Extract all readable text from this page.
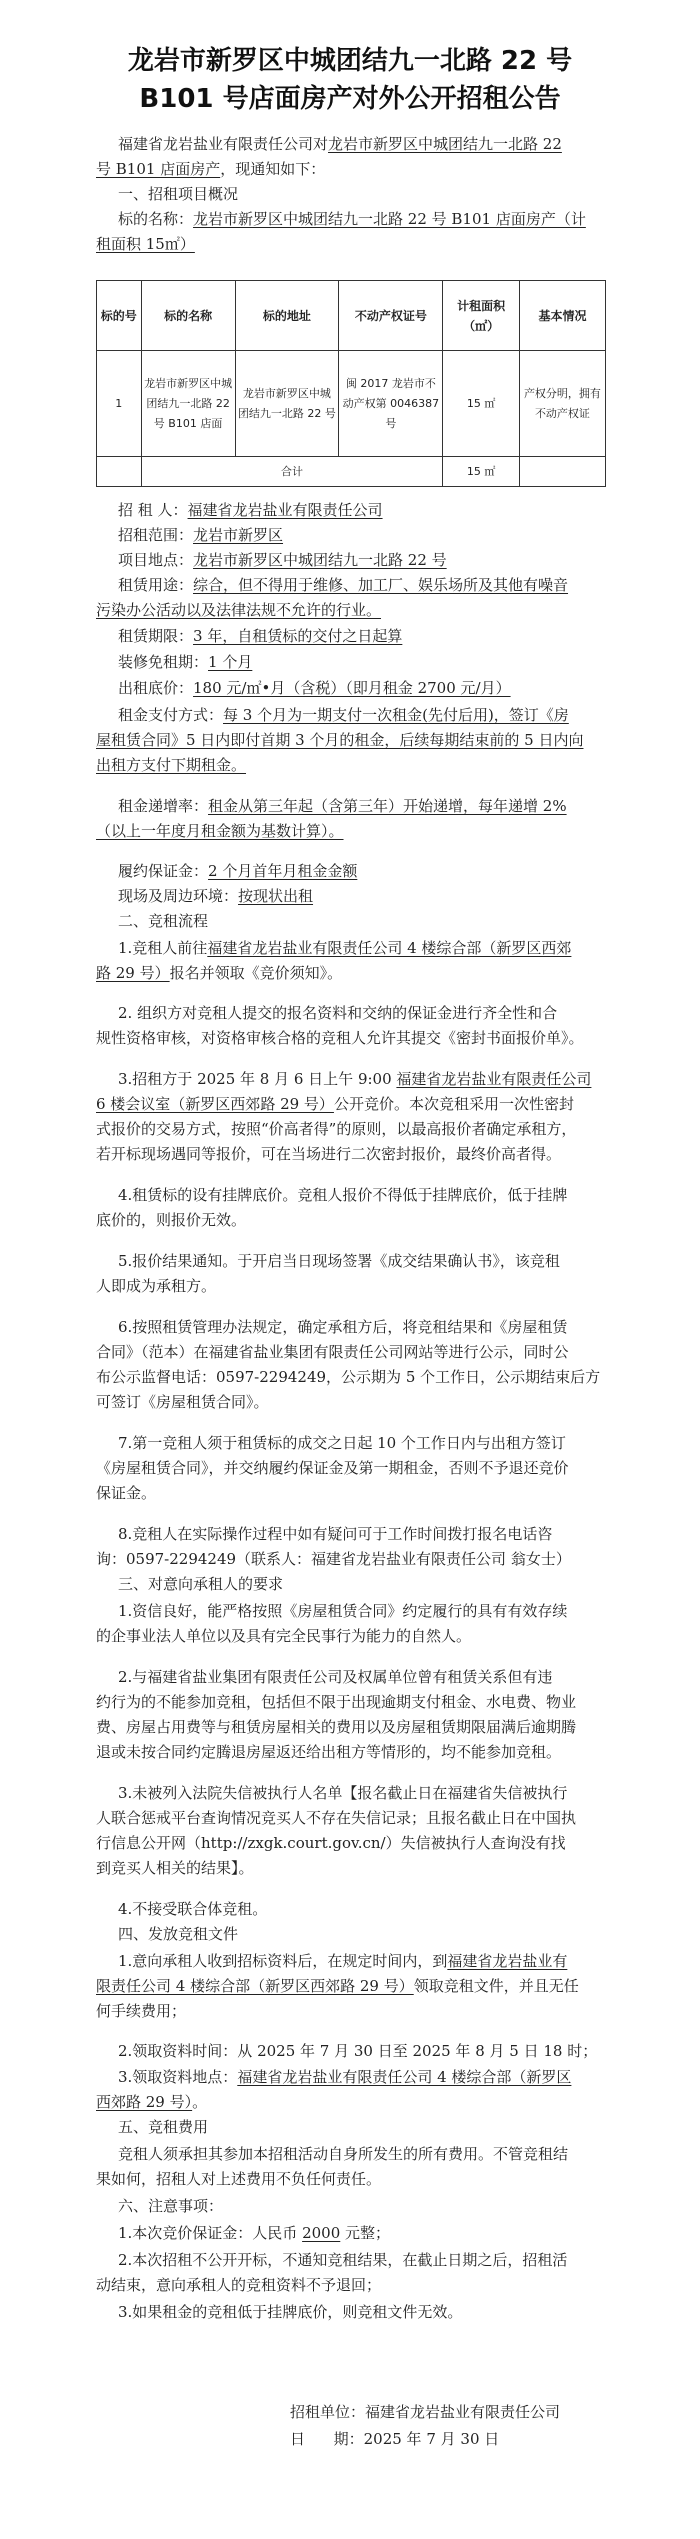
龙岩市新罗区中城团结九一北路 22 号
B101 号店面房产对外公开招租公告
福建省龙岩盐业有限责任公司对龙岩市新罗区中城团结九一北路 22
号 B101 店面房产，现通知如下：
一、招租项目概况
标的名称：龙岩市新罗区中城团结九一北路 22 号 B101 店面房产（计
租面积 15㎡）
标的号	标的名称	标的地址	不动产权证号	计租面积（㎡）	基本情况
1	龙岩市新罗区中城团结九一北路 22 号 B101 店面	龙岩市新罗区中城团结九一北路 22 号	闽 2017 龙岩市不动产权第 0046387 号	15 ㎡	产权分明，拥有不动产权证
	合计			15 ㎡	
招 租 人：福建省龙岩盐业有限责任公司
招租范围：龙岩市新罗区
项目地点：龙岩市新罗区中城团结九一北路 22 号
租赁用途：综合，但不得用于维修、加工厂、娱乐场所及其他有噪音
污染办公活动以及法律法规不允许的行业。
租赁期限：3 年，自租赁标的交付之日起算
装修免租期：1 个月
出租底价：180 元/㎡•月（含税）（即月租金 2700 元/月）
租金支付方式：每 3 个月为一期支付一次租金(先付后用)，签订《房
屋租赁合同》5 日内即付首期 3 个月的租金，后续每期结束前的 5 日内向
出租方支付下期租金。
租金递增率：租金从第三年起（含第三年）开始递增，每年递增 2%
（以上一年度月租金额为基数计算）。
履约保证金：2 个月首年月租金金额
现场及周边环境：按现状出租
二、竞租流程
1.竞租人前往福建省龙岩盐业有限责任公司 4 楼综合部（新罗区西郊
路 29 号）报名并领取《竞价须知》。
2. 组织方对竞租人提交的报名资料和交纳的保证金进行齐全性和合
规性资格审核，对资格审核合格的竞租人允许其提交《密封书面报价单》。
3.招租方于 2025 年 8 月 6 日上午 9:00 福建省龙岩盐业有限责任公司
6 楼会议室（新罗区西郊路 29 号）公开竞价。本次竞租采用一次性密封
式报价的交易方式，按照“价高者得”的原则，以最高报价者确定承租方，
若开标现场遇同等报价，可在当场进行二次密封报价，最终价高者得。
4.租赁标的设有挂牌底价。竞租人报价不得低于挂牌底价，低于挂牌
底价的，则报价无效。
5.报价结果通知。于开启当日现场签署《成交结果确认书》，该竞租
人即成为承租方。
6.按照租赁管理办法规定，确定承租方后，将竞租结果和《房屋租赁
合同》（范本）在福建省盐业集团有限责任公司网站等进行公示，同时公
布公示监督电话：0597-2294249，公示期为 5 个工作日，公示期结束后方
可签订《房屋租赁合同》。
7.第一竞租人须于租赁标的成交之日起 10 个工作日内与出租方签订
《房屋租赁合同》，并交纳履约保证金及第一期租金，否则不予退还竞价
保证金。
8.竞租人在实际操作过程中如有疑问可于工作时间拨打报名电话咨
询：0597-2294249（联系人：福建省龙岩盐业有限责任公司 翁女士）
三、对意向承租人的要求
1.资信良好，能严格按照《房屋租赁合同》约定履行的具有有效存续
的企事业法人单位以及具有完全民事行为能力的自然人。
2.与福建省盐业集团有限责任公司及权属单位曾有租赁关系但有违
约行为的不能参加竞租，包括但不限于出现逾期支付租金、水电费、物业
费、房屋占用费等与租赁房屋相关的费用以及房屋租赁期限届满后逾期腾
退或未按合同约定腾退房屋返还给出租方等情形的，均不能参加竞租。
3.未被列入法院失信被执行人名单【报名截止日在福建省失信被执行
人联合惩戒平台查询情况竞买人不存在失信记录；且报名截止日在中国执
行信息公开网（http://zxgk.court.gov.cn/）失信被执行人查询没有找
到竞买人相关的结果】。
4.不接受联合体竞租。
四、发放竞租文件
1.意向承租人收到招标资料后，在规定时间内，到福建省龙岩盐业有
限责任公司 4 楼综合部（新罗区西郊路 29 号）领取竞租文件，并且无任
何手续费用；
2.领取资料时间：从 2025 年 7 月 30 日至 2025 年 8 月 5 日 18 时；
3.领取资料地点：福建省龙岩盐业有限责任公司 4 楼综合部（新罗区
西郊路 29 号）。
五、竞租费用
竞租人须承担其参加本招租活动自身所发生的所有费用。不管竞租结
果如何，招租人对上述费用不负任何责任。
六、注意事项：
1.本次竞价保证金：人民币 2000 元整；
2.本次招租不公开开标，不通知竞租结果，在截止日期之后，招租活
动结束，意向承租人的竞租资料不予退回；
3.如果租金的竞租低于挂牌底价，则竞租文件无效。
招租单位：福建省龙岩盐业有限责任公司
日      期：2025 年 7 月 30 日
